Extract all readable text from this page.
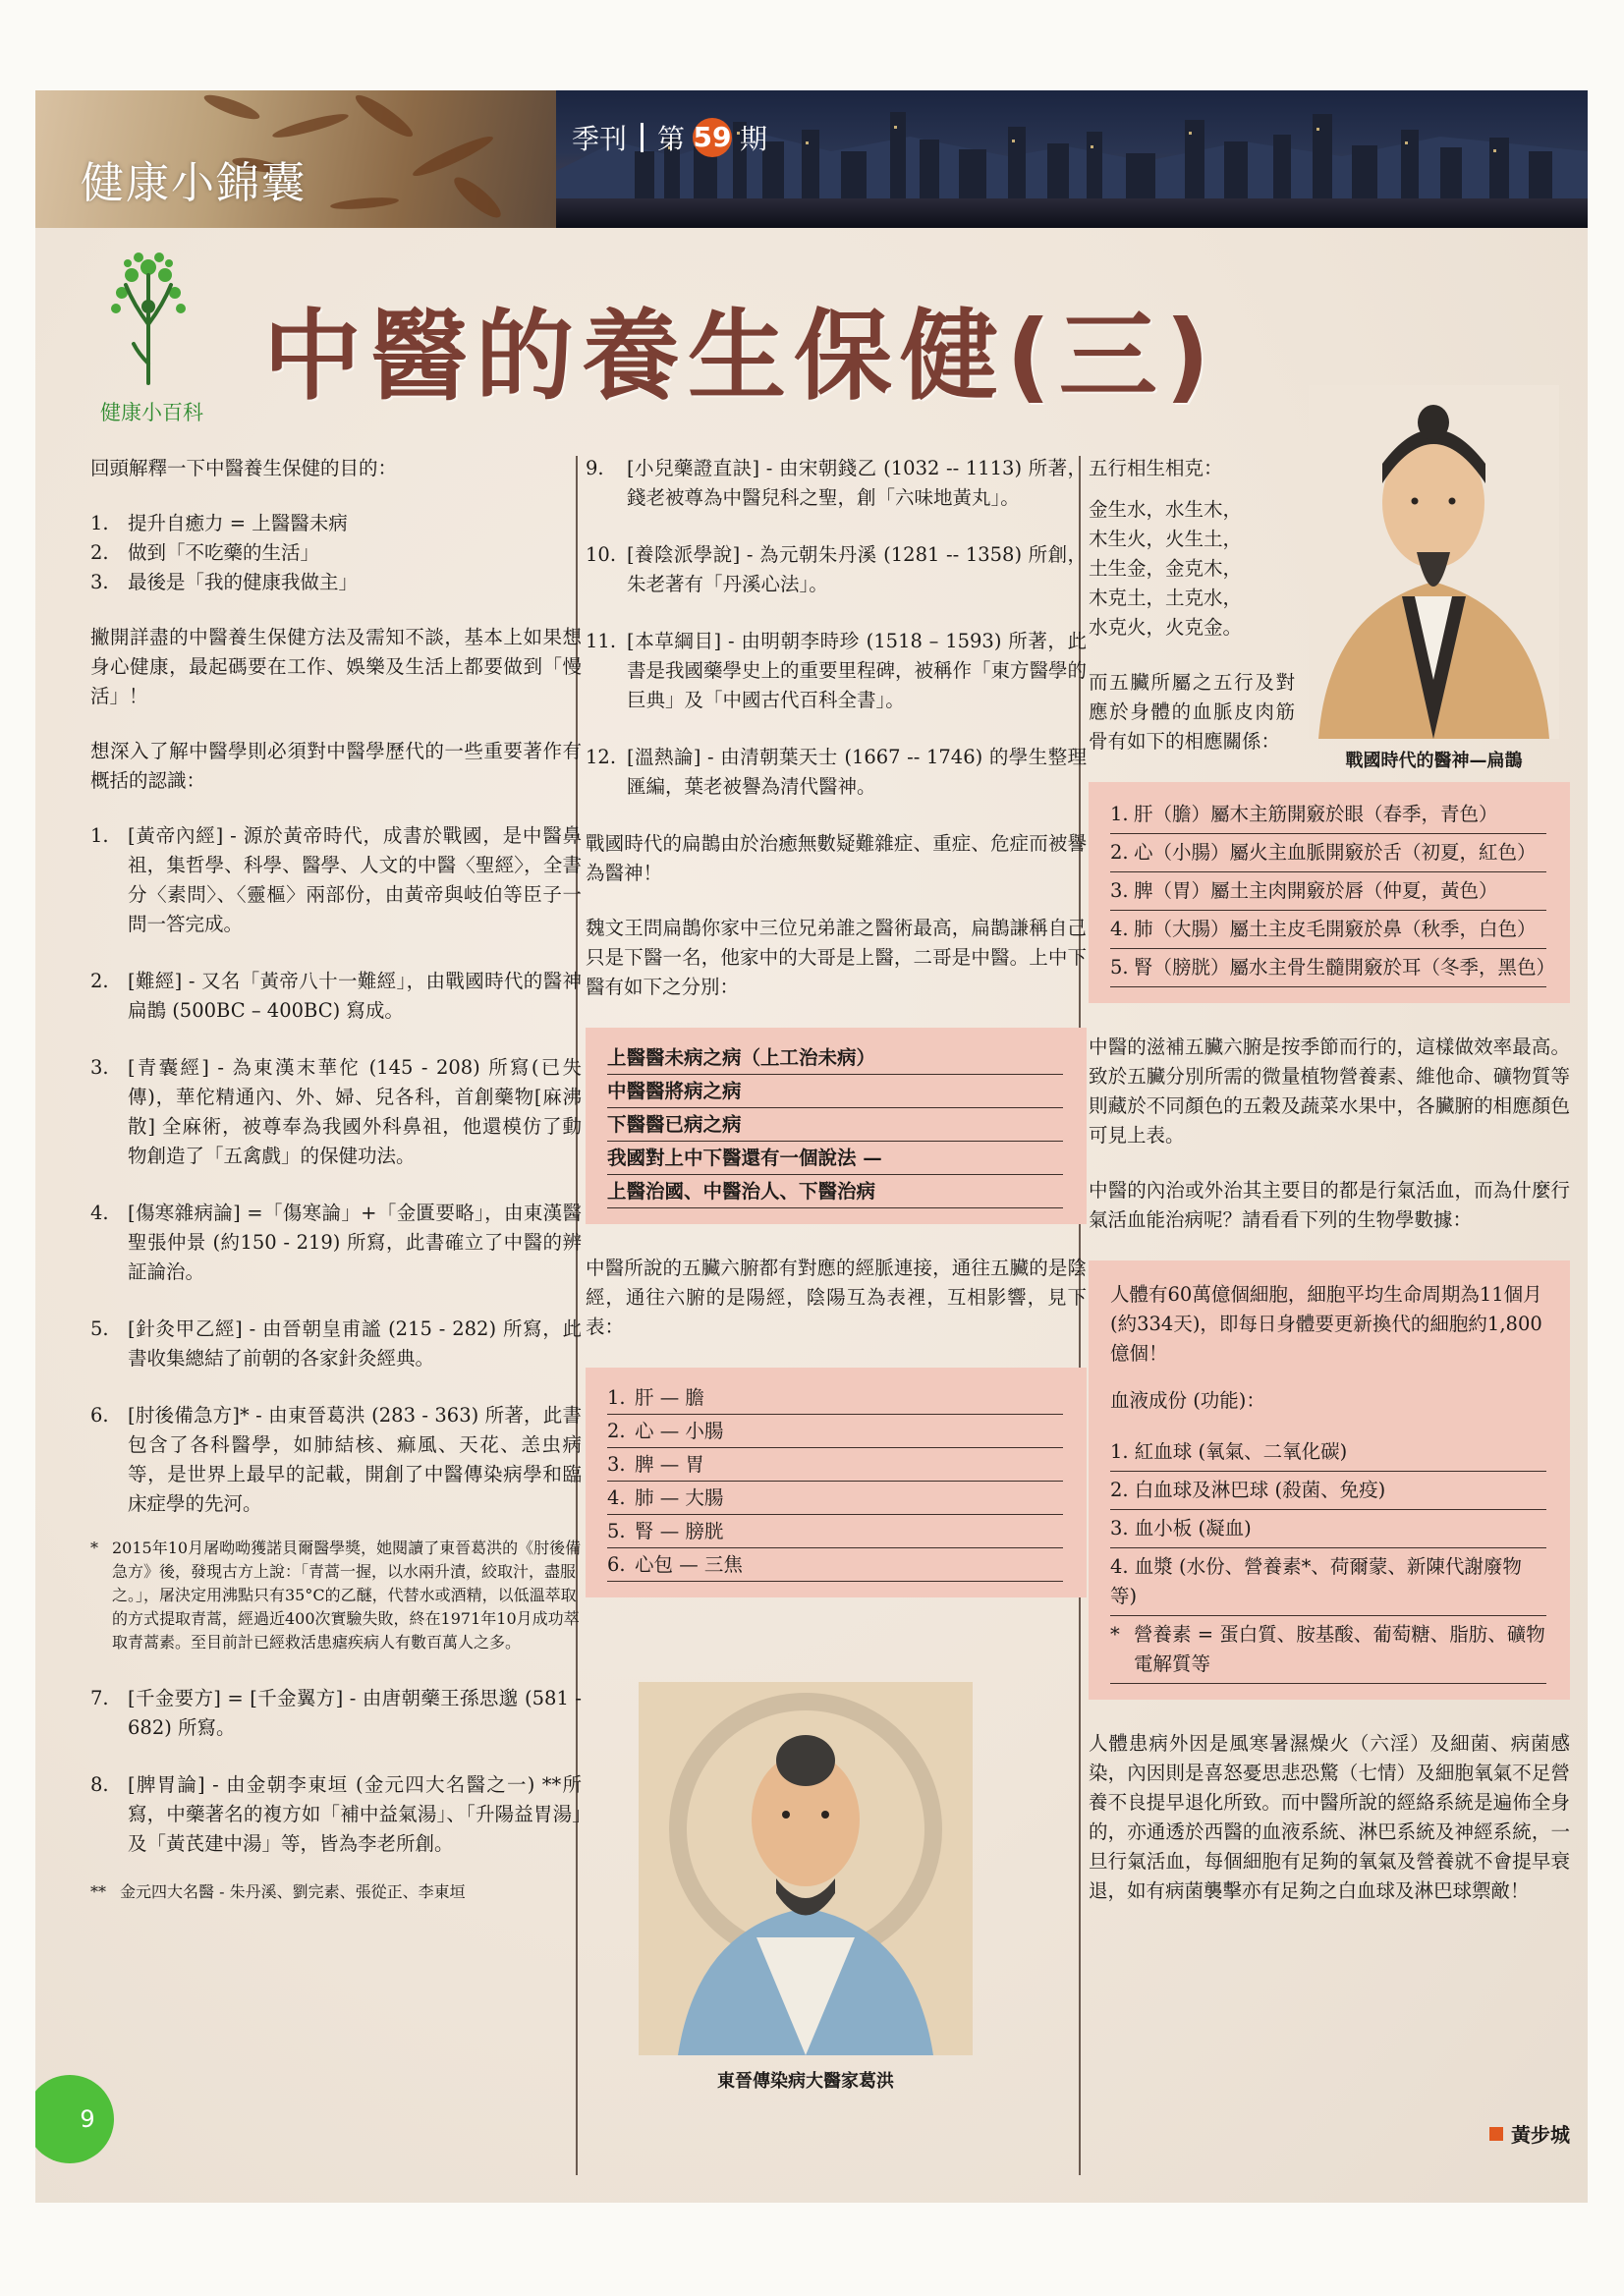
健康小錦囊
季刊 第 59 期
健康小百科 中醫的養生保健(三)

回頭解釋一下中醫養生保健的目的：

1. 提升自癒力 = 上醫醫未病
2. 做到「不吃藥的生活」
3. 最後是「我的健康我做主」

撇開詳盡的中醫養生保健方法及需知不談，基本上如果想身心健康，最起碼要在工作、娛樂及生活上都要做到「慢活」！

想深入了解中醫學則必須對中醫學歷代的一些重要著作有概括的認識：

1. [黃帝內經] - 源於黃帝時代，成書於戰國，是中醫鼻祖，集哲學、科學、醫學、人文的中醫〈聖經〉，全書分〈素問〉、〈靈樞〉兩部份，由黃帝與岐伯等臣子一問一答完成。
2. [難經] - 又名「黃帝八十一難經」，由戰國時代的醫神扁鵲 (500BC – 400BC) 寫成。
3. [青囊經] - 為東漢末華佗 (145 - 208) 所寫(已失傳)，華佗精通內、外、婦、兒各科，首創藥物[麻沸散] 全麻術，被尊奉為我國外科鼻祖，他還模仿了動物創造了「五禽戲」的保健功法。
4. [傷寒雜病論] =「傷寒論」+「金匱要略」，由東漢醫聖張仲景 (約150 - 219) 所寫，此書確立了中醫的辨証論治。
5. [針灸甲乙經] - 由晉朝皇甫謐 (215 - 282) 所寫，此書收集總結了前朝的各家針灸經典。
6. [肘後備急方]* - 由東晉葛洪 (283 - 363) 所著，此書包含了各科醫學，如肺結核、痲風、天花、恙虫病等，是世界上最早的記載，開創了中醫傳染病學和臨床症學的先河。
* 2015年10月屠呦呦獲諾貝爾醫學獎，她閱讀了東晉葛洪的《肘後備急方》後，發現古方上說：「青蒿一握，以水兩升漬，絞取汁，盡服之。」，屠決定用沸點只有35°C的乙醚，代替水或酒精，以低溫萃取的方式提取青蒿，經過近400次實驗失敗，終在1971年10月成功萃取青蒿素。至目前計已經救活患瘧疾病人有數百萬人之多。
7. [千金要方] = [千金翼方] - 由唐朝藥王孫思邈 (581 - 682) 所寫。
8. [脾胃論] - 由金朝李東垣 (金元四大名醫之一) **所寫，中藥著名的複方如「補中益氣湯」、「升陽益胃湯」及「黃芪建中湯」等，皆為李老所創。
** 金元四大名醫 - 朱丹溪、劉完素、張從正、李東垣
9.	[小兒藥證直訣] - 由宋朝錢乙 (1032 -- 1113) 所著，錢老被尊為中醫兒科之聖，創「六味地黃丸」。
10. [養陰派學說] - 為元朝朱丹溪 (1281 -- 1358) 所創，朱老著有「丹溪心法」。
11. [本草綱目] - 由明朝李時珍 (1518 – 1593) 所著，此書是我國藥學史上的重要里程碑，被稱作「東方醫學的巨典」及「中國古代百科全書」。
12. [溫熱論] - 由清朝葉天士 (1667 -- 1746) 的學生整理匯編，葉老被譽為清代醫神。

戰國時代的扁鵲由於治癒無數疑難雜症、重症、危症而被譽為醫神！

魏文王問扁鵲你家中三位兄弟誰之醫術最高，扁鵲謙稱自己只是下醫一名，他家中的大哥是上醫，二哥是中醫。上中下醫有如下之分別：

上醫醫未病之病（上工治未病）
中醫醫將病之病
下醫醫已病之病
我國對上中下醫還有一個說法 —
上醫治國、中醫治人、下醫治病

中醫所說的五臟六腑都有對應的經脈連接，通往五臟的是陰經，通往六腑的是陽經，陰陽互為表裡，互相影響，見下表：

1. 肝 — 膽
2. 心 — 小腸
3. 脾 — 胃
4. 肺 — 大腸
5. 腎 — 膀胱
6. 心包 — 三焦
東晉傳染病大醫家葛洪
五行相生相克：
金生水，水生木，
木生火，火生土，
土生金，金克木，
木克土，土克水，
水克火，火克金。

而五臟所屬之五行及對應於身體的血脈皮肉筋骨有如下的相應關係：

1. 肝（膽）屬木主筋開竅於眼（春季，青色）
2. 心（小腸）屬火主血脈開竅於舌（初夏，紅色）
3. 脾（胃）屬土主肉開竅於唇（仲夏，黃色）
4. 肺（大腸）屬土主皮毛開竅於鼻（秋季，白色）
5. 腎（膀胱）屬水主骨生髓開竅於耳（冬季，黑色）

中醫的滋補五臟六腑是按季節而行的，這樣做效率最高。致於五臟分別所需的微量植物營養素、維他命、礦物質等則藏於不同顏色的五穀及蔬菜水果中，各臟腑的相應顏色可見上表。

中醫的內治或外治其主要目的都是行氣活血，而為什麼行氣活血能治病呢？請看看下列的生物學數據：

人體有60萬億個細胞，細胞平均生命周期為11個月 (約334天)，即每日身體要更新換代的細胞約1,800億個！
血液成份 (功能)：
1. 紅血球 (氧氣、二氧化碳)
2. 白血球及淋巴球 (殺菌、免疫)
3. 血小板 (凝血)
4. 血漿 (水份、營養素*、荷爾蒙、新陳代謝廢物等)
* 營養素 = 蛋白質、胺基酸、葡萄糖、脂肪、礦物電解質等

人體患病外因是風寒暑濕燥火（六淫）及細菌、病菌感染，內因則是喜怒憂思悲恐驚（七情）及細胞氧氣不足營養不良提早退化所致。而中醫所說的經絡系統是遍佈全身的，亦通透於西醫的血液系統、淋巴系統及神經系統，一旦行氣活血，每個細胞有足夠的氧氣及營養就不會提早衰退，如有病菌襲擊亦有足夠之白血球及淋巴球禦敵！

戰國時代的醫神—扁鵲
9
黃步城
